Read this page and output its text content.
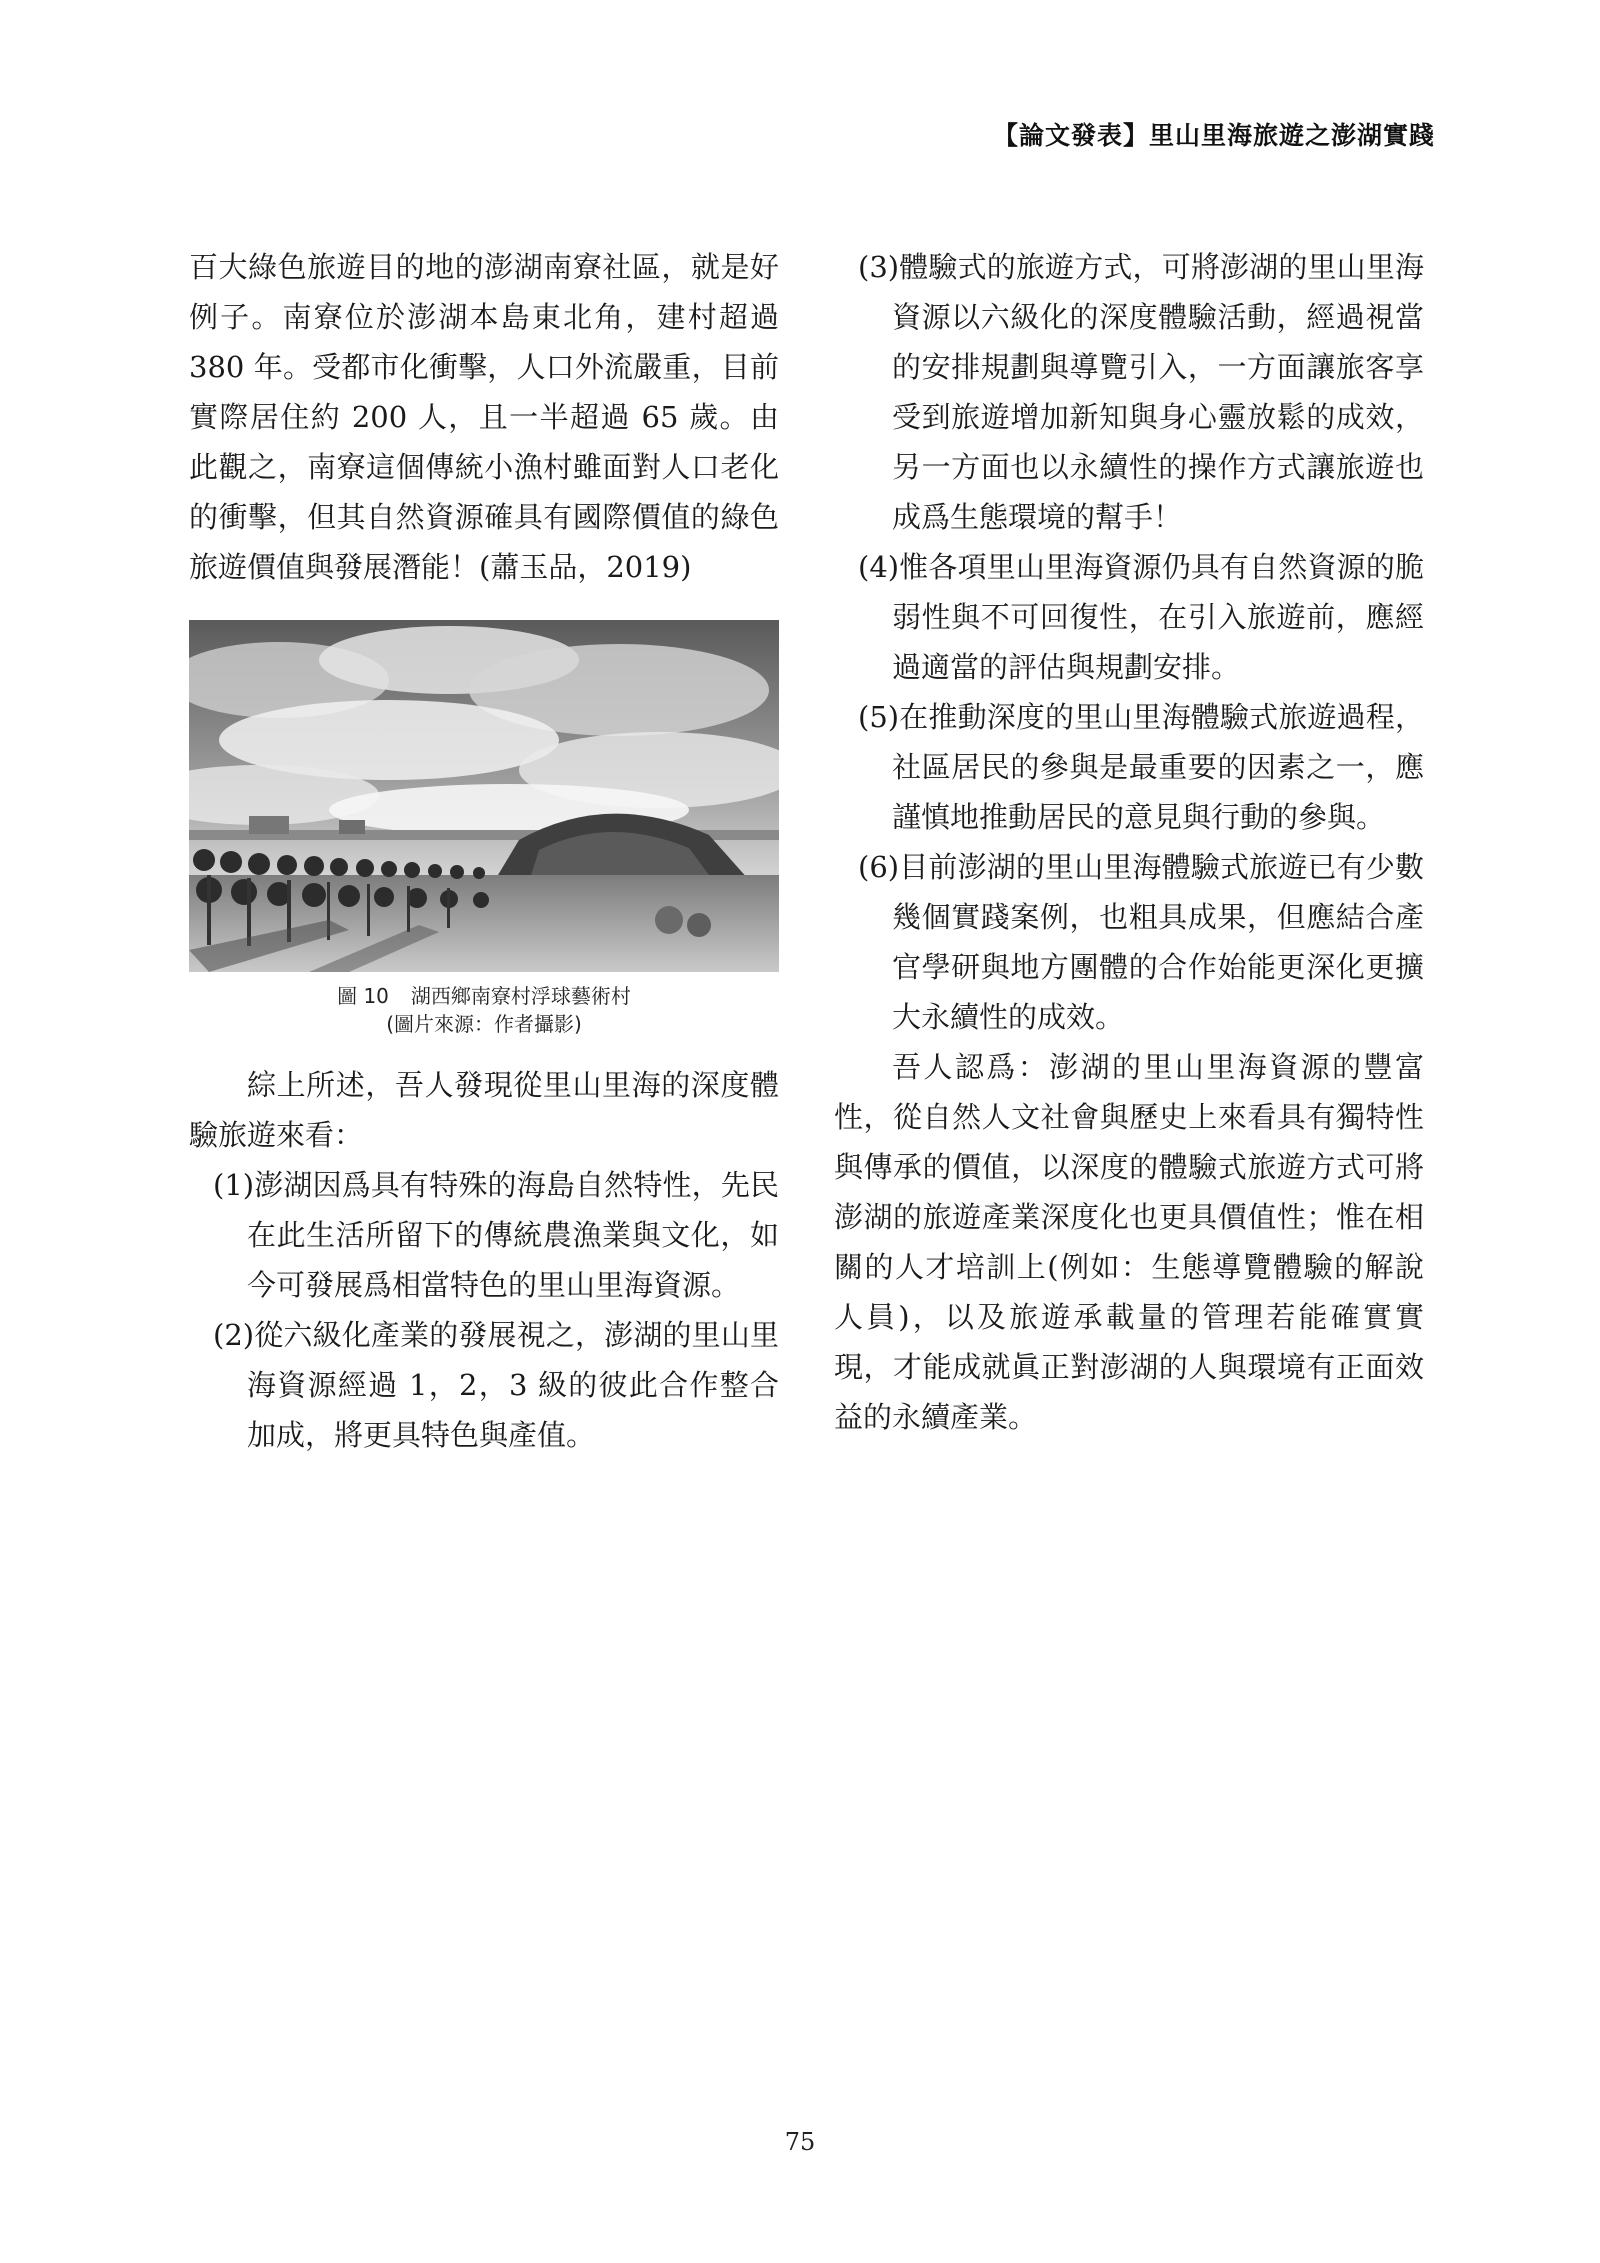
【論文發表】里山里海旅遊之澎湖實踐

百大綠色旅遊目的地的澎湖南寮社區，就是好例子。南寮位於澎湖本島東北角，建村超過 380 年。受都市化衝擊，人口外流嚴重，目前實際居住約 200 人，且一半超過 65 歲。由此觀之，南寮這個傳統小漁村雖面對人口老化的衝擊，但其自然資源確具有國際價值的綠色旅遊價值與發展潛能！(蕭玉品，2019)

圖 10 湖西鄉南寮村浮球藝術村
(圖片來源：作者攝影)

綜上所述，吾人發現從里山里海的深度體驗旅遊來看：

(1)澎湖因爲具有特殊的海島自然特性，先民在此生活所留下的傳統農漁業與文化，如今可發展爲相當特色的里山里海資源。

(2)從六級化產業的發展視之，澎湖的里山里海資源經過 1，2，3 級的彼此合作整合加成，將更具特色與產值。

(3)體驗式的旅遊方式，可將澎湖的里山里海資源以六級化的深度體驗活動，經過視當的安排規劃與導覽引入，一方面讓旅客享受到旅遊增加新知與身心靈放鬆的成效，另一方面也以永續性的操作方式讓旅遊也成爲生態環境的幫手！

(4)惟各項里山里海資源仍具有自然資源的脆弱性與不可回復性，在引入旅遊前，應經過適當的評估與規劃安排。

(5)在推動深度的里山里海體驗式旅遊過程，社區居民的參與是最重要的因素之一，應謹慎地推動居民的意見與行動的參與。

(6)目前澎湖的里山里海體驗式旅遊已有少數幾個實踐案例，也粗具成果，但應結合產官學研與地方團體的合作始能更深化更擴大永續性的成效。

吾人認爲：澎湖的里山里海資源的豐富性，從自然人文社會與歷史上來看具有獨特性與傳承的價值，以深度的體驗式旅遊方式可將澎湖的旅遊產業深度化也更具價值性；惟在相關的人才培訓上(例如：生態導覽體驗的解說人員)，以及旅遊承載量的管理若能確實實現，才能成就眞正對澎湖的人與環境有正面效益的永續產業。

75
